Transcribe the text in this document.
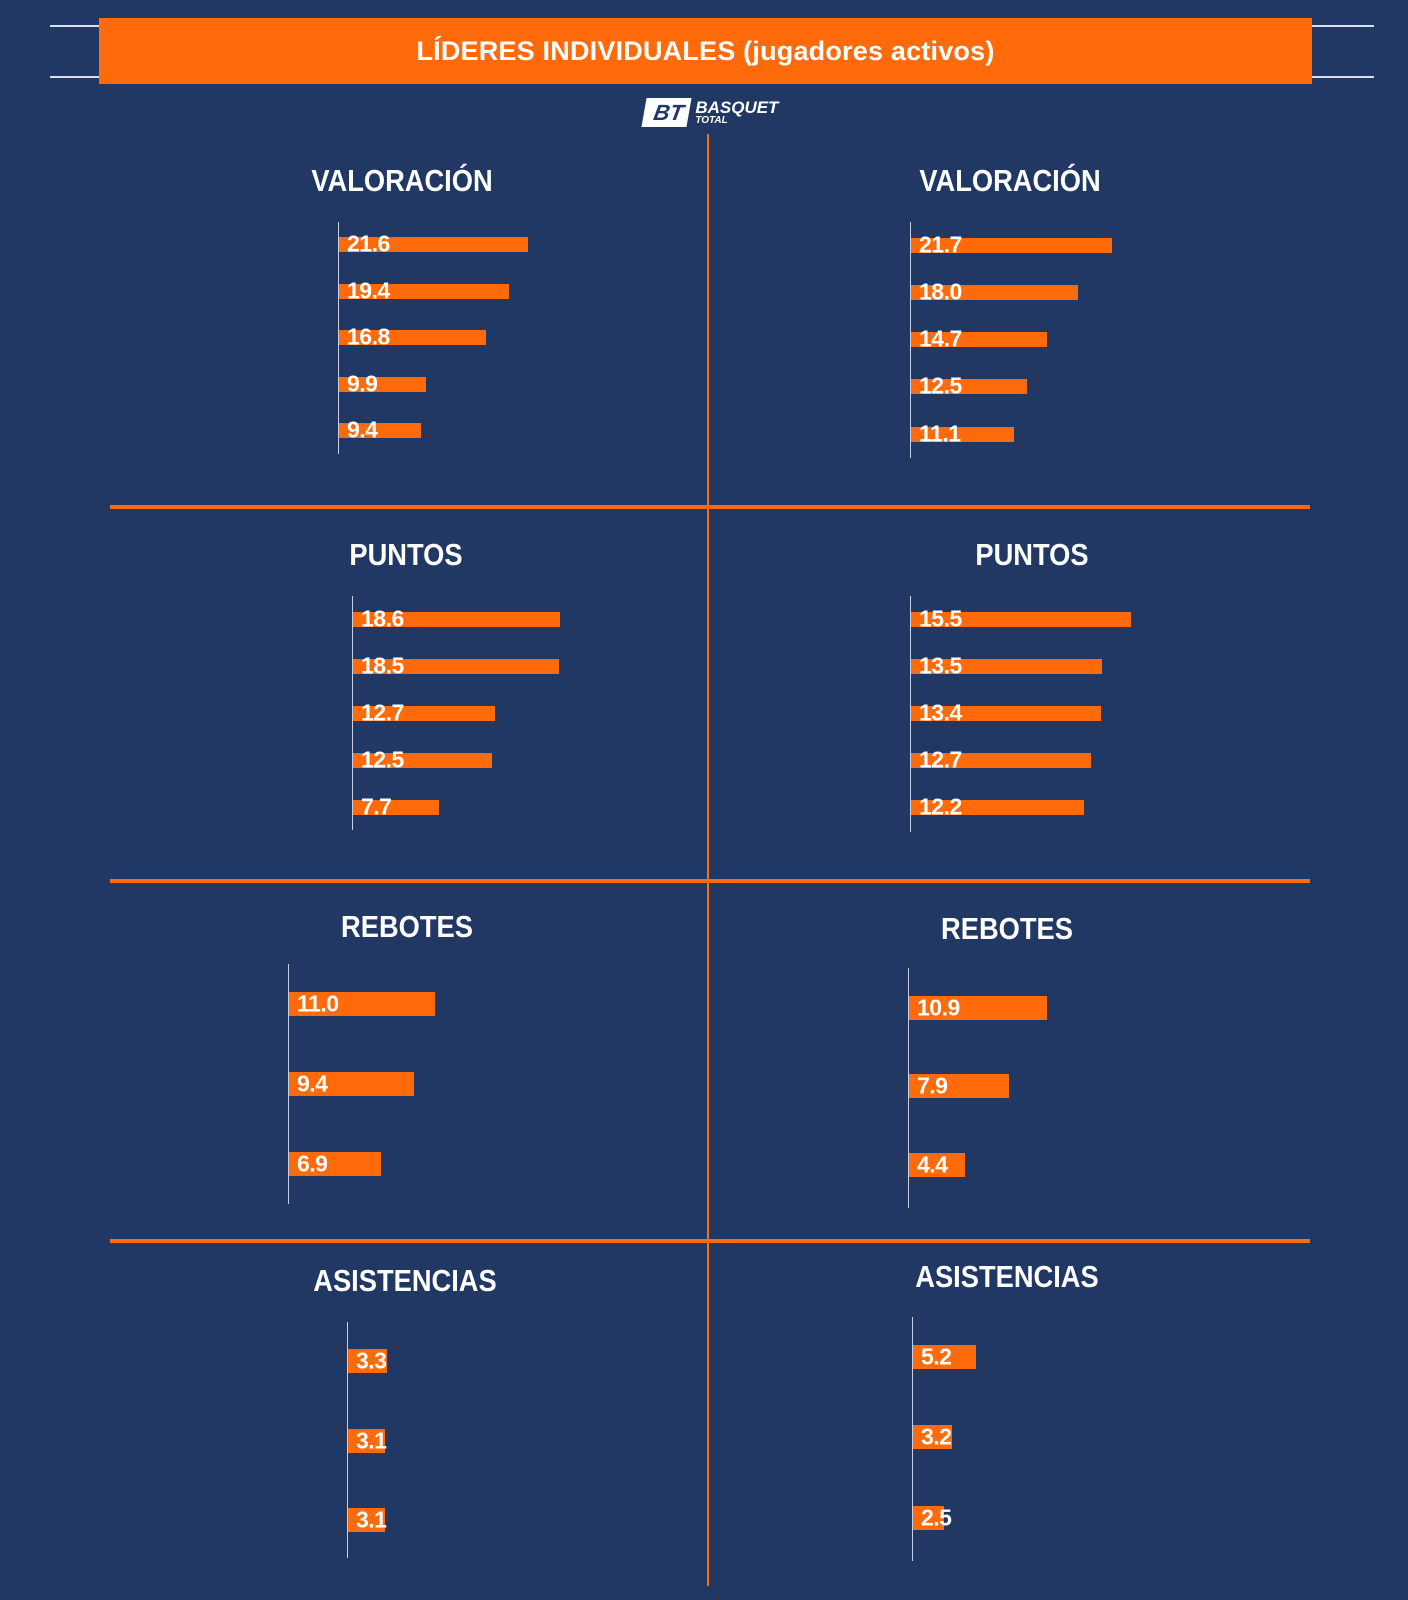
LÍDERES INDIVIDUALES (jugadores activos)
BT BASQUET
TOTAL
VALORACIÓN
21.6
19.4
16.8
9.9
9.4
VALORACIÓN
21.7
18.0
14.7
12.5
11.1
PUNTOS
18.6
18.5
12.7
12.5
7.7
PUNTOS
15.5
13.5
13.4
12.7
12.2
REBOTES
11.0
9.4
6.9
REBOTES
10.9
7.9
4.4
ASISTENCIAS
3.3
3.1
3.1
ASISTENCIAS
5.2
3.2
2.5
